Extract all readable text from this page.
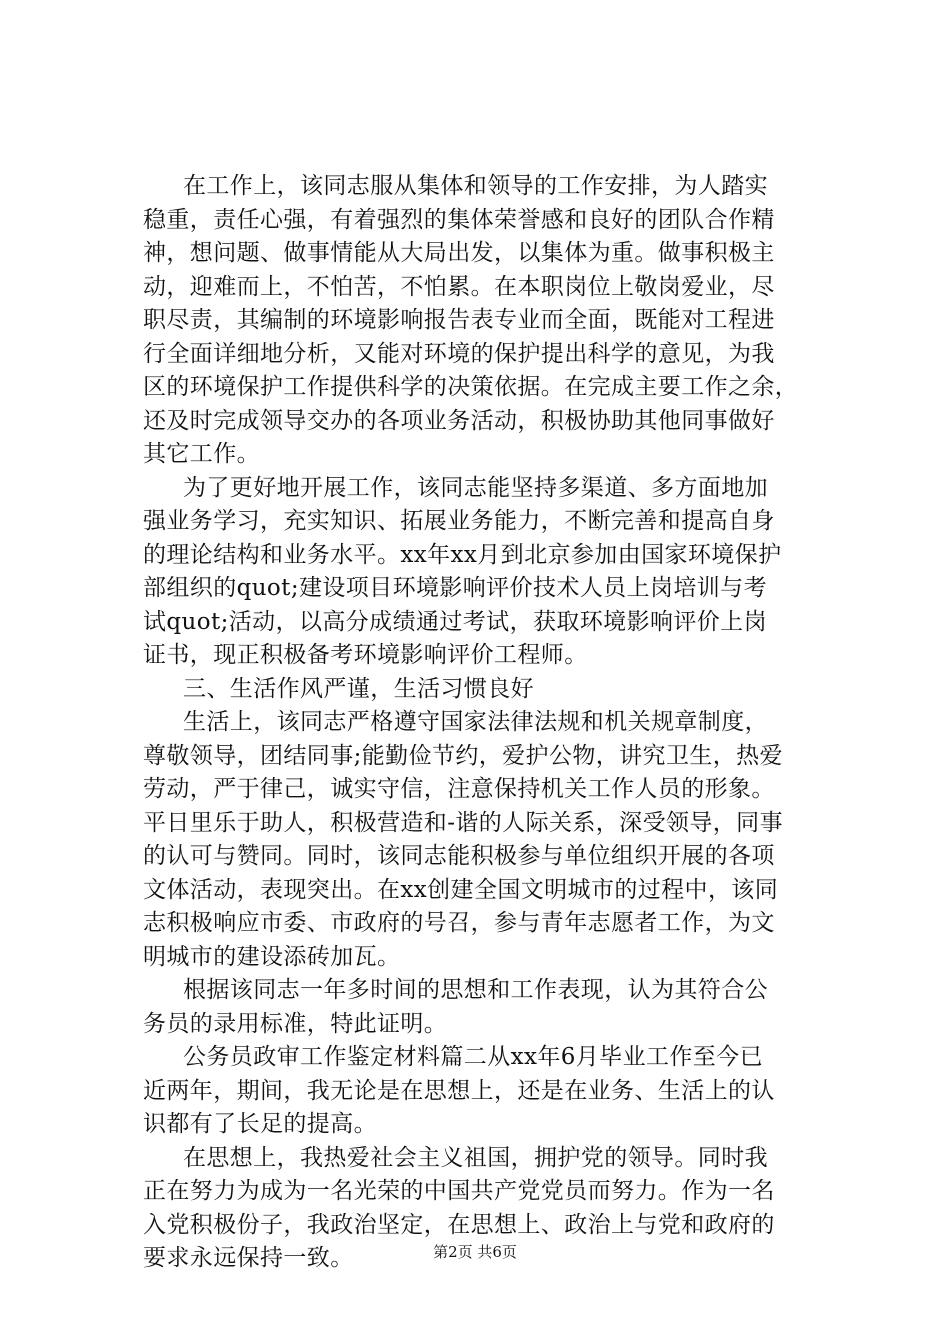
在工作上，该同志服从集体和领导的工作安排，为人踏实
稳重，责任心强，有着强烈的集体荣誉感和良好的团队合作精
神，想问题、做事情能从大局出发，以集体为重。做事积极主
动，迎难而上，不怕苦，不怕累。在本职岗位上敬岗爱业，尽
职尽责，其编制的环境影响报告表专业而全面，既能对工程进
行全面详细地分析，又能对环境的保护提出科学的意见，为我
区的环境保护工作提供科学的决策依据。在完成主要工作之余，
还及时完成领导交办的各项业务活动，积极协助其他同事做好
其它工作。
为了更好地开展工作，该同志能坚持多渠道、多方面地加
强业务学习，充实知识、拓展业务能力，不断完善和提高自身
的理论结构和业务水平。xx年xx月到北京参加由国家环境保护
部组织的quot;建设项目环境影响评价技术人员上岗培训与考
试quot;活动，以高分成绩通过考试，获取环境影响评价上岗
证书，现正积极备考环境影响评价工程师。
三、生活作风严谨，生活习惯良好
生活上，该同志严格遵守国家法律法规和机关规章制度，
尊敬领导，团结同事;能勤俭节约，爱护公物，讲究卫生，热爱
劳动，严于律己，诚实守信，注意保持机关工作人员的形象。
平日里乐于助人，积极营造和-谐的人际关系，深受领导，同事
的认可与赞同。同时，该同志能积极参与单位组织开展的各项
文体活动，表现突出。在xx创建全国文明城市的过程中，该同
志积极响应市委、市政府的号召，参与青年志愿者工作，为文
明城市的建设添砖加瓦。
根据该同志一年多时间的思想和工作表现，认为其符合公
务员的录用标准，特此证明。
公务员政审工作鉴定材料篇二从xx年6月毕业工作至今已
近两年，期间，我无论是在思想上，还是在业务、生活上的认
识都有了长足的提高。
在思想上，我热爱社会主义祖国，拥护党的领导。同时我
正在努力为成为一名光荣的中国共产党党员而努力。作为一名
入党积极份子，我政治坚定，在思想上、政治上与党和政府的
要求永远保持一致。	第2页 共6页
